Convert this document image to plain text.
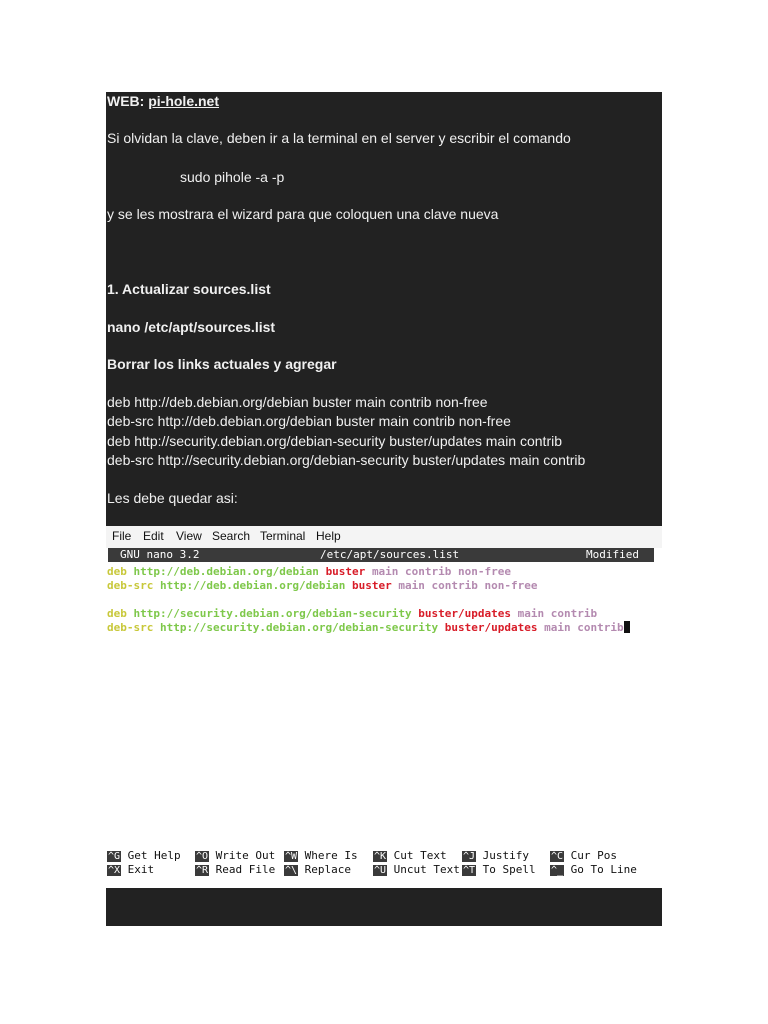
WEB: pi-hole.net
Si olvidan la clave, deben ir a la terminal en el server y escribir el comando
sudo pihole -a -p
y se les mostrara el wizard para que coloquen una clave nueva
1. Actualizar sources.list
nano /etc/apt/sources.list
Borrar los links actuales y agregar
deb http://deb.debian.org/debian buster main contrib non-free
deb-src http://deb.debian.org/debian buster main contrib non-free
deb http://security.debian.org/debian-security buster/updates main contrib
deb-src http://security.debian.org/debian-security buster/updates main contrib
Les debe quedar asi:
File Edit View Search Terminal Help
GNU nano 3.2	/etc/apt/sources.list	Modified
deb http://deb.debian.org/debian buster main contrib non-free
deb-src http://deb.debian.org/debian buster main contrib non-free
deb http://security.debian.org/debian-security buster/updates main contrib
deb-src http://security.debian.org/debian-security buster/updates main contrib
^G Get Help ^O Write Out ^W Where Is ^K Cut Text ^J Justify ^C Cur Pos
^X Exit	^R Read File ^\ Replace ^U Uncut Text ^T To Spell ^_ Go To Line
